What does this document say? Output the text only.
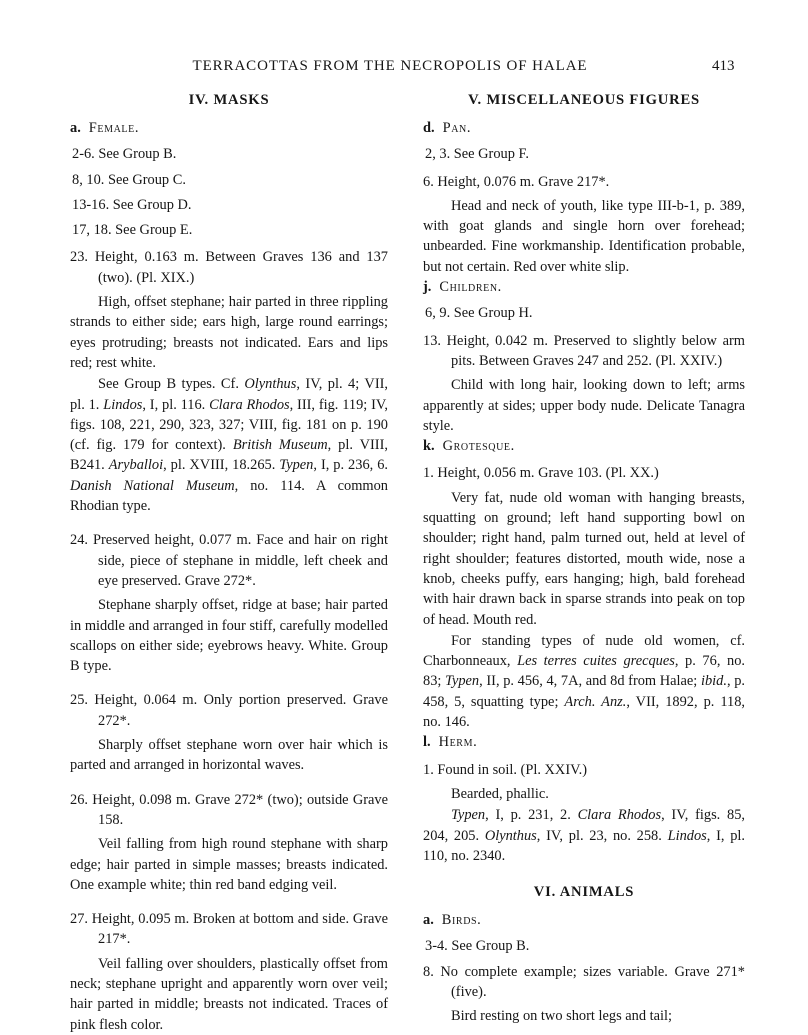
TERRACOTTAS FROM THE NECROPOLIS OF HALAE	413
IV. MASKS
a. Female.
2-6. See Group B.
8, 10. See Group C.
13-16. See Group D.
17, 18. See Group E.

23. Height, 0.163 m. Between Graves 136 and 137 (two). (Pl. XIX.)

High, offset stephane; hair parted in three rippling strands to either side; ears high, large round earrings; eyes protruding; breasts not indicated. Ears and lips red; rest white.

See Group B types. Cf. Olynthus, IV, pl. 4; VII, pl. 1. Lindos, I, pl. 116. Clara Rhodos, III, fig. 119; IV, figs. 108, 221, 290, 323, 327; VIII, fig. 181 on p. 190 (cf. fig. 179 for context). British Museum, pl. VIII, B241. Aryballoi, pl. XVIII, 18.265. Typen, I, p. 236, 6. Danish National Museum, no. 114. A common Rhodian type.

24. Preserved height, 0.077 m. Face and hair on right side, piece of stephane in middle, left cheek and eye preserved. Grave 272*.

Stephane sharply offset, ridge at base; hair parted in middle and arranged in four stiff, carefully modelled scallops on either side; eyebrows heavy. White. Group B type.

25. Height, 0.064 m. Only portion preserved. Grave 272*.

Sharply offset stephane worn over hair which is parted and arranged in horizontal waves.

26. Height, 0.098 m. Grave 272* (two); outside Grave 158.

Veil falling from high round stephane with sharp edge; hair parted in simple masses; breasts indicated. One example white; thin red band edging veil.

27. Height, 0.095 m. Broken at bottom and side. Grave 217*.

Veil falling over shoulders, plastically offset from neck; stephane upright and apparently worn over veil; hair parted in middle; breasts not indicated. Traces of pink flesh color.

V. MISCELLANEOUS FIGURES
d. Pan.
2, 3. See Group F.

6. Height, 0.076 m. Grave 217*.

Head and neck of youth, like type III-b-1, p. 389, with goat glands and single horn over forehead; unbearded. Fine workmanship. Identification probable, but not certain. Red over white slip.

j. Children.
6, 9. See Group H.

13. Height, 0.042 m. Preserved to slightly below arm pits. Between Graves 247 and 252. (Pl. XXIV.)

Child with long hair, looking down to left; arms apparently at sides; upper body nude. Delicate Tanagra style.

k. Grotesque.

1. Height, 0.056 m. Grave 103. (Pl. XX.)

Very fat, nude old woman with hanging breasts, squatting on ground; left hand supporting bowl on shoulder; right hand, palm turned out, held at level of right shoulder; features distorted, mouth wide, nose a knob, cheeks puffy, ears hanging; high, bald forehead with hair drawn back in sparse strands into peak on top of head. Mouth red.

For standing types of nude old women, cf. Charbonneaux, Les terres cuites grecques, p. 76, no. 83; Typen, II, p. 456, 4, 7A, and 8d from Halae; ibid., p. 458, 5, squatting type; Arch. Anz., VII, 1892, p. 118, no. 146.

l. Herm.

1. Found in soil. (Pl. XXIV.)

Bearded, phallic.

Typen, I, p. 231, 2. Clara Rhodos, IV, figs. 85, 204, 205. Olynthus, IV, pl. 23, no. 258. Lindos, I, pl. 110, no. 2340.

VI. ANIMALS
a. Birds.
3-4. See Group B.

8. No complete example; sizes variable. Grave 271* (five).

Bird resting on two short legs and tail;
